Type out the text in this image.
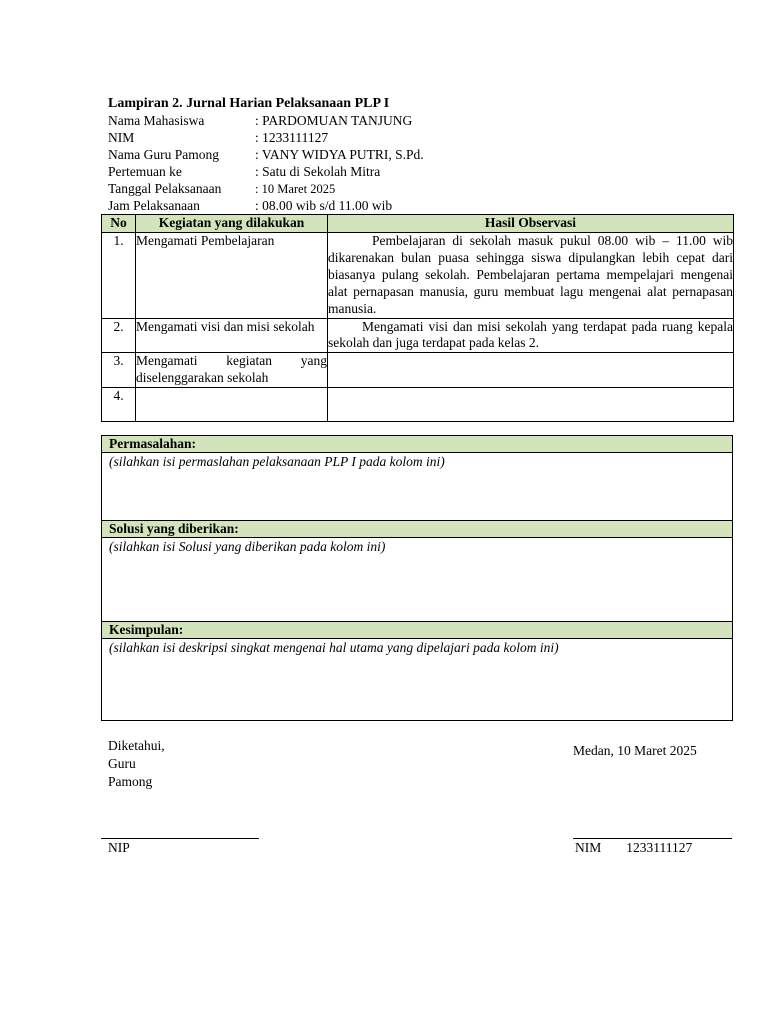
Lampiran 2. Jurnal Harian Pelaksanaan PLP I
Nama Mahasiswa	: PARDOMUAN TANJUNG
NIM	: 1233111127
Nama Guru Pamong	: VANY WIDYA PUTRI, S.Pd.
Pertemuan ke	: Satu di Sekolah Mitra
Tanggal Pelaksanaan	: 10 Maret 2025
Jam Pelaksanaan	: 08.00 wib s/d 11.00 wib
No	Kegiatan yang dilakukan	Hasil Observasi
1.	Mengamati Pembelajaran	Pembelajaran di sekolah masuk pukul 08.00 wib – 11.00 wib dikarenakan bulan puasa sehingga siswa dipulangkan lebih cepat dari biasanya pulang sekolah. Pembelajaran pertama mempelajari mengenai alat pernapasan manusia, guru membuat lagu mengenai alat pernapasan manusia.
2.	Mengamati visi dan misi sekolah	Mengamati visi dan misi sekolah yang terdapat pada ruang kepala sekolah dan juga terdapat pada kelas 2.
3.	Mengamati kegiatan yang diselenggarakan sekolah	
4.		
Permasalahan:
(silahkan isi permaslahan pelaksanaan PLP I pada kolom ini)
Solusi yang diberikan:
(silahkan isi Solusi yang diberikan pada kolom ini)
Kesimpulan:
(silahkan isi deskripsi singkat mengenai hal utama yang dipelajari pada kolom ini)
Diketahui,
Guru
Pamong
Medan, 10 Maret 2025
NIP	NIM 1233111127
